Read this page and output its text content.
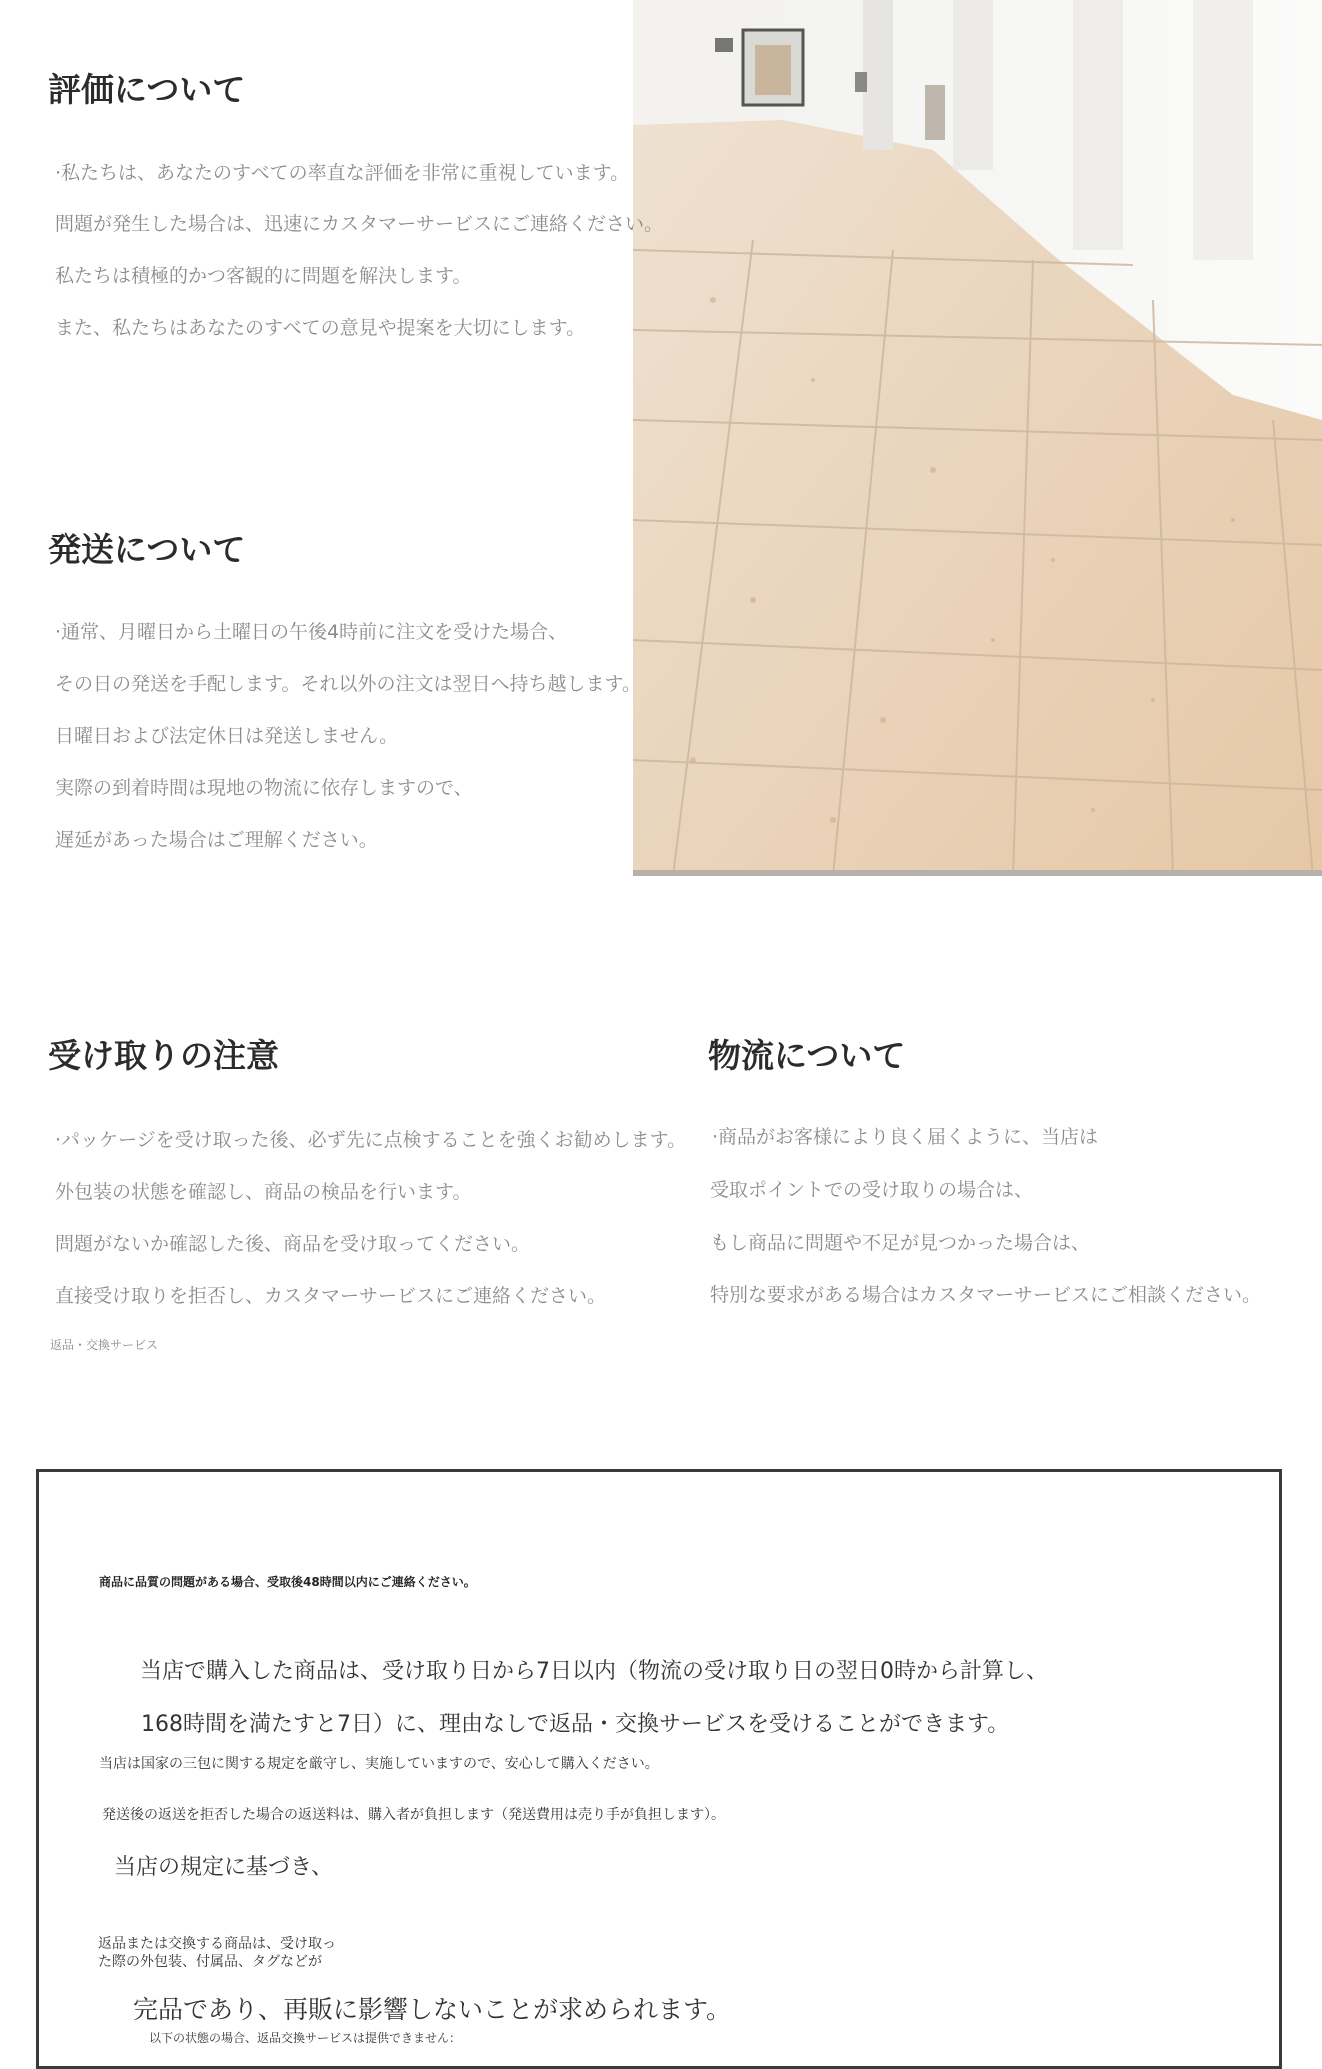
評価について
·私たちは、あなたのすべての率直な評価を非常に重視しています。
問題が発生した場合は、迅速にカスタマーサービスにご連絡ください。
私たちは積極的かつ客観的に問題を解決します。
また、私たちはあなたのすべての意見や提案を大切にします。
発送について
·通常、月曜日から土曜日の午後4時前に注文を受けた場合、
その日の発送を手配します。それ以外の注文は翌日へ持ち越します。
日曜日および法定休日は発送しません。
実際の到着時間は現地の物流に依存しますので、
遅延があった場合はご理解ください。
受け取りの注意
·パッケージを受け取った後、必ず先に点検することを強くお勧めします。
外包装の状態を確認し、商品の検品を行います。
問題がないか確認した後、商品を受け取ってください。
直接受け取りを拒否し、カスタマーサービスにご連絡ください。
返品・交換サービス
物流について
·商品がお客様により良く届くように、当店は
受取ポイントでの受け取りの場合は、
もし商品に問題や不足が見つかった場合は、
特別な要求がある場合はカスタマーサービスにご相談ください。
商品に品質の問題がある場合、受取後48時間以内にご連絡ください。
当店で購入した商品は、受け取り日から7日以内（物流の受け取り日の翌日0時から計算し、
168時間を満たすと7日）に、理由なしで返品・交換サービスを受けることができます。
当店は国家の三包に関する規定を厳守し、実施していますので、安心して購入ください。
発送後の返送を拒否した場合の返送料は、購入者が負担します（発送費用は売り手が負担します）。
当店の規定に基づき、
返品または交換する商品は、受け取っ
た際の外包装、付属品、タグなどが
完品であり、再販に影響しないことが求められます。
以下の状態の場合、返品交換サービスは提供できません：
